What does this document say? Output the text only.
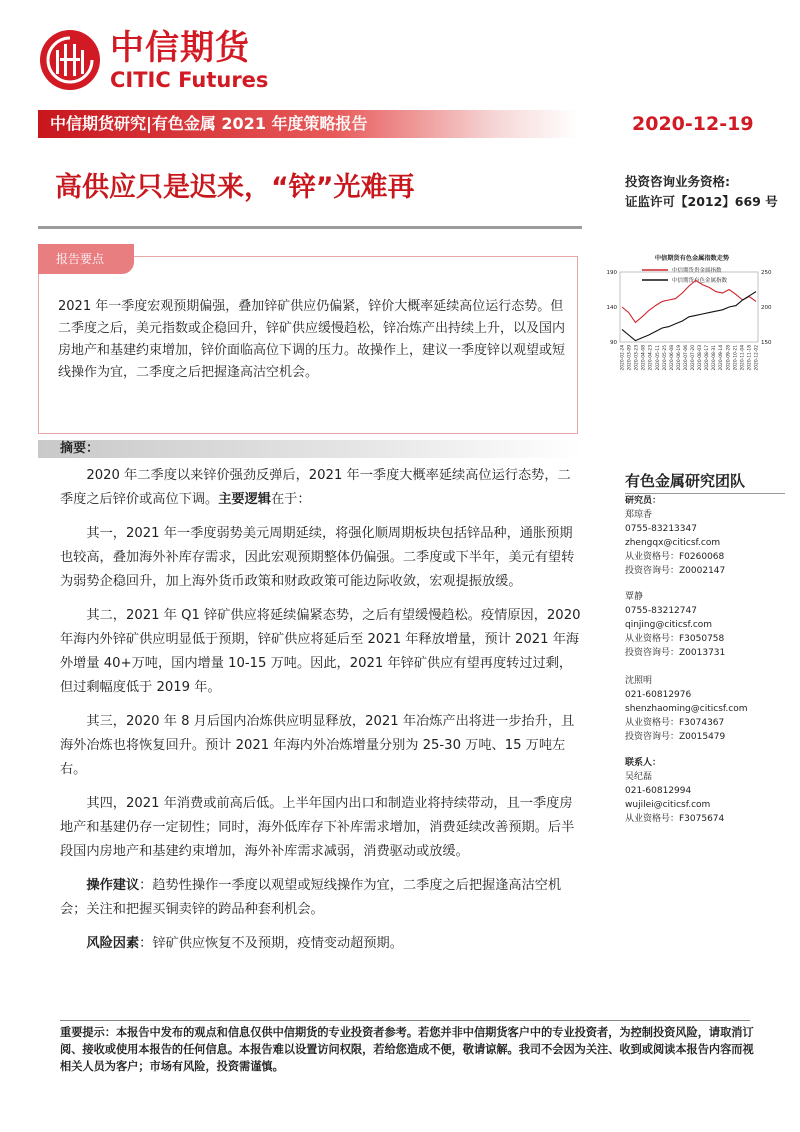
中信期货
CITIC Futures
中信期货研究|有色金属 2021 年度策略报告	2020-12-19
高供应只是迟来，“锌”光难再	投资咨询业务资格:
证监许可【2012】669 号
报告要点
2021 年一季度宏观预期偏强，叠加锌矿供应仍偏紧，锌价大概率延续高位运行态势。但二季度之后，美元指数或企稳回升，锌矿供应缓慢趋松，锌冶炼产出持续上升，以及国内房地产和基建约束增加，锌价面临高位下调的压力。故操作上，建议一季度锌以观望或短线操作为宜，二季度之后把握逢高沽空机会。
中信期货有色金属指数走势
中信期货贵金属指数
中信期货有色金属指数
190
140
90
250
200
150
2020-02-24 2020-03-09 2020-03-23 2020-04-08 2020-04-23 2020-05-11 2020-05-25 2020-06-08 2020-06-19 2020-07-06 2020-07-20 2020-08-03 2020-08-17 2020-08-31 2020-09-14 2020-09-28 2020-10-21 2020-11-04 2020-11-18 2020-12-02
摘要：

2020 年二季度以来锌价强劲反弹后，2021 年一季度大概率延续高位运行态势，二季度之后锌价或高位下调。主要逻辑在于：

其一，2021 年一季度弱势美元周期延续，将强化顺周期板块包括锌品种，通胀预期也较高，叠加海外补库存需求，因此宏观预期整体仍偏强。二季度或下半年，美元有望转为弱势企稳回升，加上海外货币政策和财政政策可能边际收敛，宏观提振放缓。

其二，2021 年 Q1 锌矿供应将延续偏紧态势，之后有望缓慢趋松。疫情原因，2020 年海内外锌矿供应明显低于预期，锌矿供应将延后至 2021 年释放增量，预计 2021 年海外增量 40+万吨，国内增量 10-15 万吨。因此，2021 年锌矿供应有望再度转过过剩，但过剩幅度低于 2019 年。

其三，2020 年 8 月后国内冶炼供应明显释放，2021 年冶炼产出将进一步抬升，且海外冶炼也将恢复回升。预计 2021 年海内外冶炼增量分别为 25-30 万吨、15 万吨左右。

其四，2021 年消费或前高后低。上半年国内出口和制造业将持续带动，且一季度房地产和基建仍存一定韧性；同时，海外低库存下补库需求增加，消费延续改善预期。后半段国内房地产和基建约束增加，海外补库需求减弱，消费驱动或放缓。

操作建议：趋势性操作一季度以观望或短线操作为宜，二季度之后把握逢高沽空机会；关注和把握买铜卖锌的跨品种套利机会。

风险因素：锌矿供应恢复不及预期，疫情变动超预期。

有色金属研究团队
研究员：
郑琼香
0755-83213347
zhengqx@citicsf.com
从业资格号：F0260068
投资咨询号：Z0002147
覃静
0755-83212747
qinjing@citicsf.com
从业资格号：F3050758
投资咨询号：Z0013731
沈照明
021-60812976
shenzhaoming@citicsf.com
从业资格号：F3074367
投资咨询号：Z0015479
联系人：
吴纪磊
021-60812994
wujilei@citicsf.com
从业资格号：F3075674
重要提示：本报告中发布的观点和信息仅供中信期货的专业投资者参考。若您并非中信期货客户中的专业投资者，为控制投资风险，请取消订阅、接收或使用本报告的任何信息。本报告难以设置访问权限，若给您造成不便，敬请谅解。我司不会因为关注、收到或阅读本报告内容而视相关人员为客户；市场有风险，投资需谨慎。
